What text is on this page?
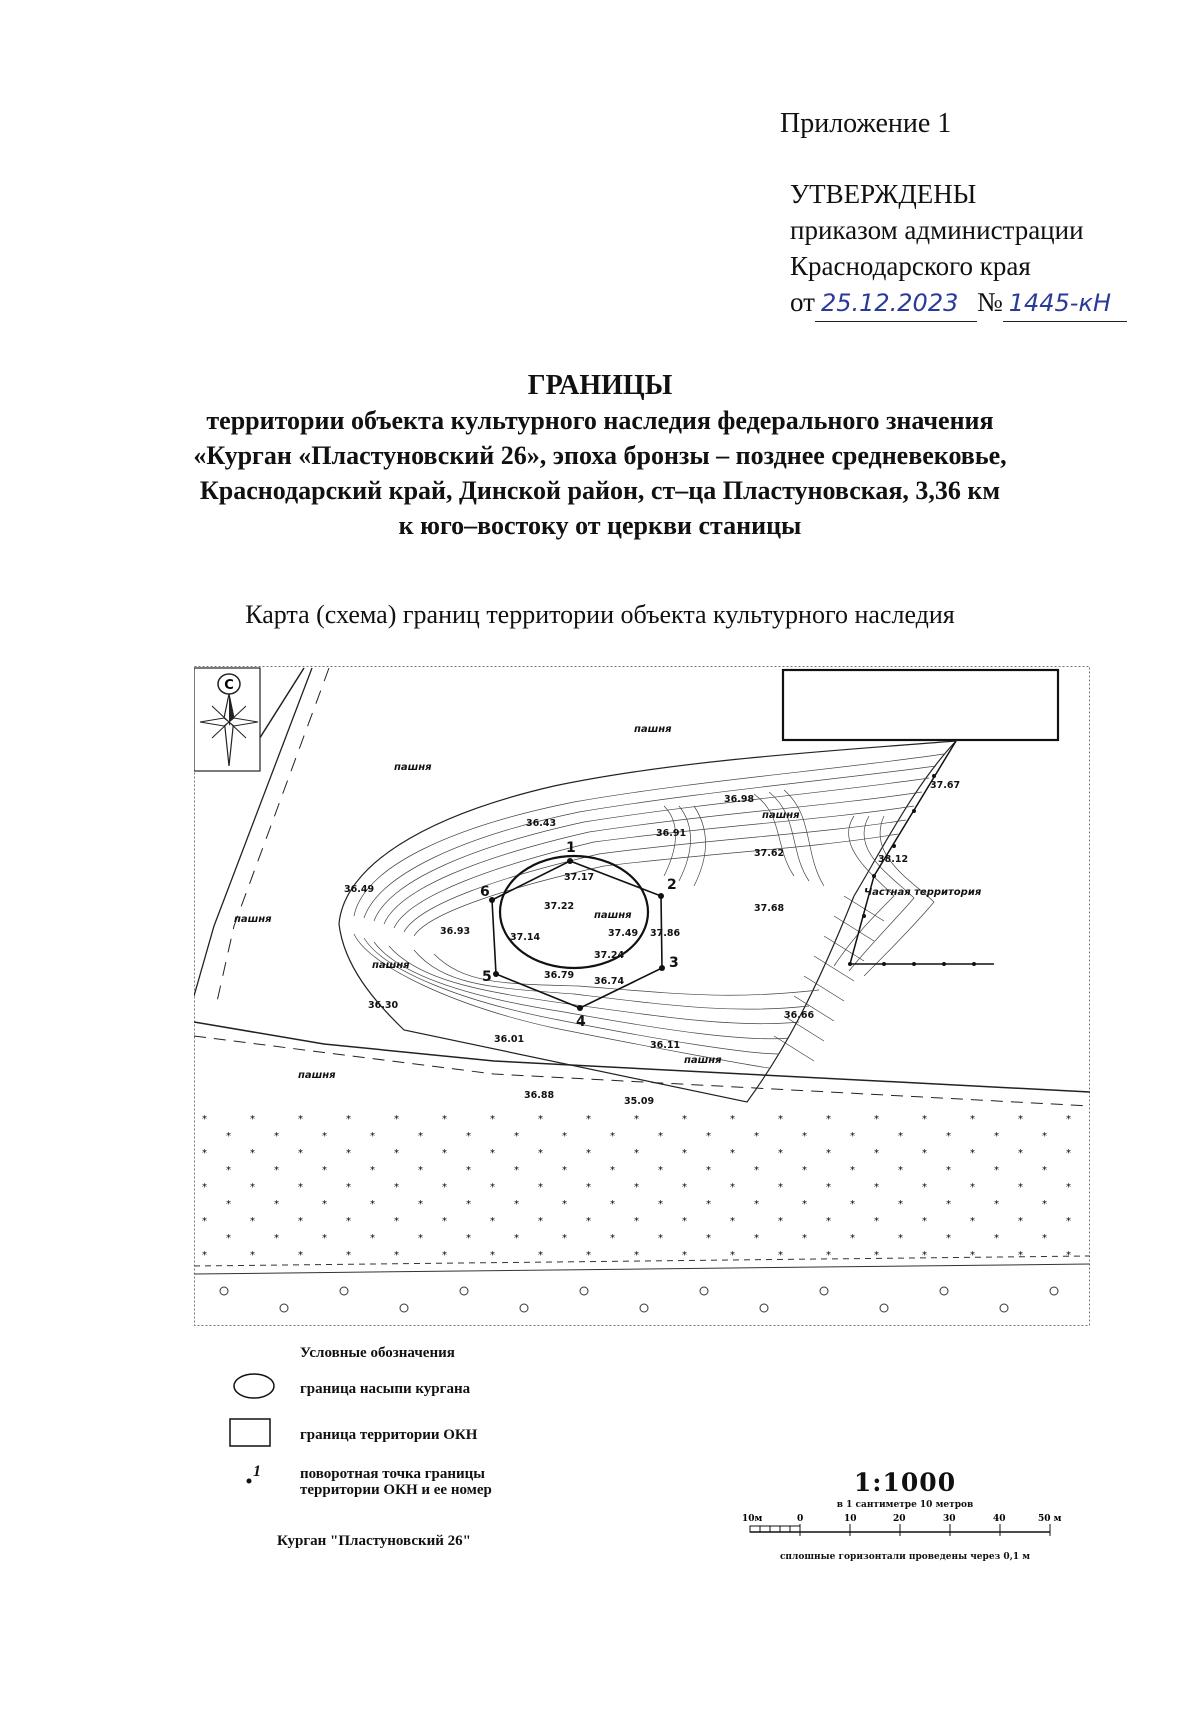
Приложение 1
УТВЕРЖДЕНЫ
приказом администрации
Краснодарского края
от 25.12.2023 № 1445-кН
ГРАНИЦЫ
территории объекта культурного наследия федерального значения
«Курган «Пластуновский 26», эпоха бронзы – позднее средневековье,
Краснодарский край, Динской район, ст–ца Пластуновская, 3,36 км
к юго–востоку от церкви станицы
Карта (схема) границ территории объекта культурного наследия
С
Частная территория
пашня
пашня
пашня
пашня
пашня
пашня
пашня
пашня
1
2
3
4
5
6
36.43
36.91
36.98
37.62
37.67
38.12
36.49
37.17
37.22
37.14	37.49 37.86
37.68
36.93
37.24
36.79
36.74
36.30
36.01
36.11
36.66
36.88
35.09
Условные обозначения
граница насыпи кургана
граница территории ОКН
1	поворотная точка границы
территории ОКН и ее номер
Курган "Пластуновский 26"
1:1000
в 1 сантиметре 10 метров
10м	0	10	20	30	40	50 м
сплошные горизонтали проведены через 0,1 м
